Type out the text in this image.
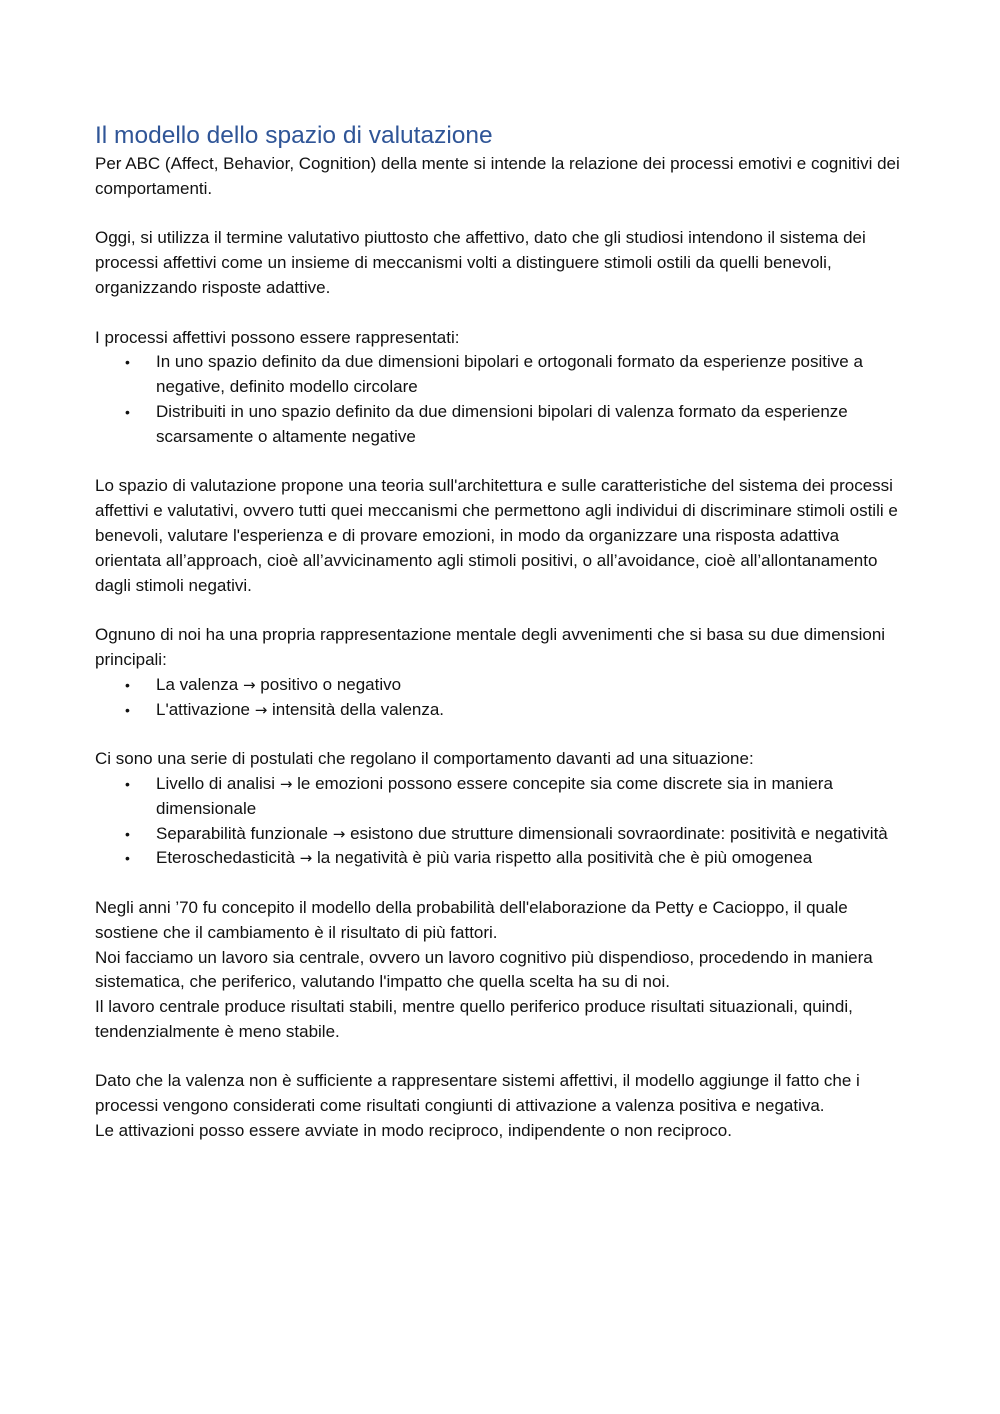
Il modello dello spazio di valutazione

Per ABC (Affect, Behavior, Cognition) della mente si intende la relazione dei processi emotivi e cognitivi dei comportamenti.

Oggi, si utilizza il termine valutativo piuttosto che affettivo, dato che gli studiosi intendono il sistema dei processi affettivi come un insieme di meccanismi volti a distinguere stimoli ostili da quelli benevoli, organizzando risposte adattive.

I processi affettivi possono essere rappresentati:

• In uno spazio definito da due dimensioni bipolari e ortogonali formato da esperienze positive a negative, definito modello circolare
• Distribuiti in uno spazio definito da due dimensioni bipolari di valenza formato da esperienze scarsamente o altamente negative

Lo spazio di valutazione propone una teoria sull'architettura e sulle caratteristiche del sistema dei processi affettivi e valutativi, ovvero tutti quei meccanismi che permettono agli individui di discriminare stimoli ostili e benevoli, valutare l'esperienza e di provare emozioni, in modo da organizzare una risposta adattiva orientata all’approach, cioè all’avvicinamento agli stimoli positivi, o all’avoidance, cioè all’allontanamento dagli stimoli negativi.

Ognuno di noi ha una propria rappresentazione mentale degli avvenimenti che si basa su due dimensioni principali:

• La valenza → positivo o negativo
• L'attivazione → intensità della valenza.

Ci sono una serie di postulati che regolano il comportamento davanti ad una situazione:

• Livello di analisi → le emozioni possono essere concepite sia come discrete sia in maniera dimensionale
• Separabilità funzionale → esistono due strutture dimensionali sovraordinate: positività e negatività
• Eteroschedasticità → la negatività è più varia rispetto alla positività che è più omogenea

Negli anni ’70 fu concepito il modello della probabilità dell'elaborazione da Petty e Cacioppo, il quale sostiene che il cambiamento è il risultato di più fattori.

Noi facciamo un lavoro sia centrale, ovvero un lavoro cognitivo più dispendioso, procedendo in maniera sistematica, che periferico, valutando l'impatto che quella scelta ha su di noi.

Il lavoro centrale produce risultati stabili, mentre quello periferico produce risultati situazionali, quindi, tendenzialmente è meno stabile.

Dato che la valenza non è sufficiente a rappresentare sistemi affettivi, il modello aggiunge il fatto che i processi vengono considerati come risultati congiunti di attivazione a valenza positiva e negativa.

Le attivazioni posso essere avviate in modo reciproco, indipendente o non reciproco.
